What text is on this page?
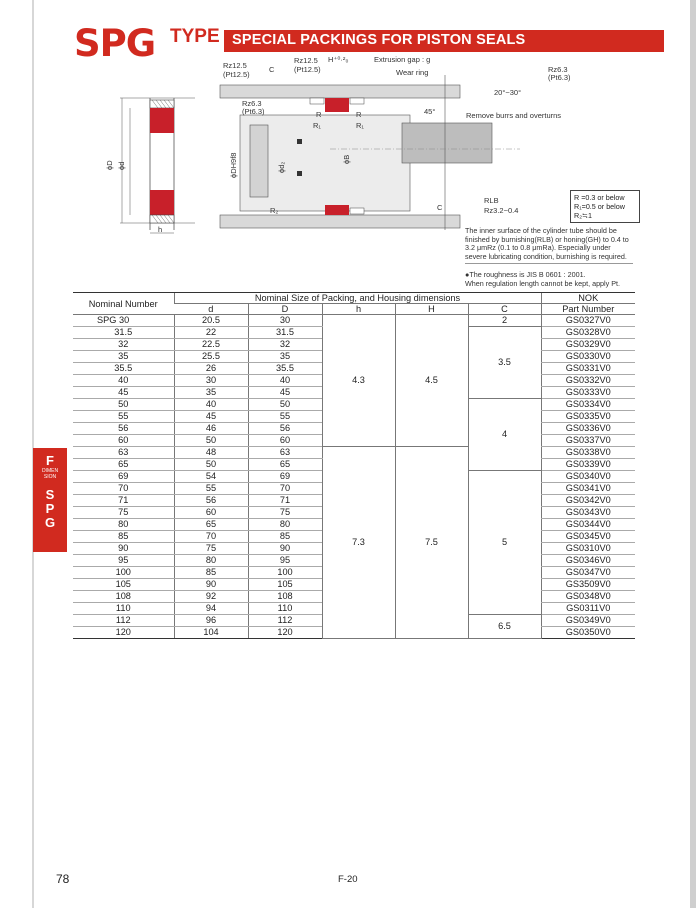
SPG TYPE SPECIAL PACKINGS FOR PISTON SEALS
F
DIMEN
SION
S
P
G
ϕD ϕd
h
Rz12.5
(Pt12.5)
C
Rz12.5
(Pt12.5)
H⁺⁰·²₀	Extrusion gap : g
Wear ring	Rz6.3
(Pt6.3)
20°~30°
Rz6.3
(Pt6.3)	45°	Remove burrs and overturns
R	R
R₁	R₁
R₂
ϕDH9f8	ϕd₂
ϕB
C
RLB
Rz3.2~0.4
R =0.3 or below
R₁=0.5 or below
R₂≒1
The inner surface of the cylinder tube should be finished by burnishing(RLB) or honing(GH) to 0.4 to 3.2 μmRz (0.1 to 0.8 μmRa). Especially under severe lubricating condition, burnishing is required.
●The roughness is JIS B 0601 : 2001.
When regulation length cannot be kept, apply Pt.
Nominal Number	Nominal Size of Packing, and Housing dimensions					NOK
	d	D	h	H	C	Part Number
SPG 30	20.5	30	4.3	4.5	2	GS0327V0
31.5	22	31.5			3.5	GS0328V0
32	22.5	32				GS0329V0
35	25.5	35				GS0330V0
35.5	26	35.5				GS0331V0
40	30	40				GS0332V0
45	35	45				GS0333V0
50	40	50			4	GS0334V0
55	45	55				GS0335V0
56	46	56				GS0336V0
60	50	60				GS0337V0
63	48	63	7.3	7.5		GS0338V0
65	50	65				GS0339V0
69	54	69			5	GS0340V0
70	55	70				GS0341V0
71	56	71				GS0342V0
75	60	75				GS0343V0
80	65	80				GS0344V0
85	70	85				GS0345V0
90	75	90				GS0310V0
95	80	95				GS0346V0
100	85	100				GS0347V0
105	90	105				GS3509V0
108	92	108				GS0348V0
110	94	110				GS0311V0
112	96	112			6.5	GS0349V0
120	104	120				GS0350V0
78	F-20
